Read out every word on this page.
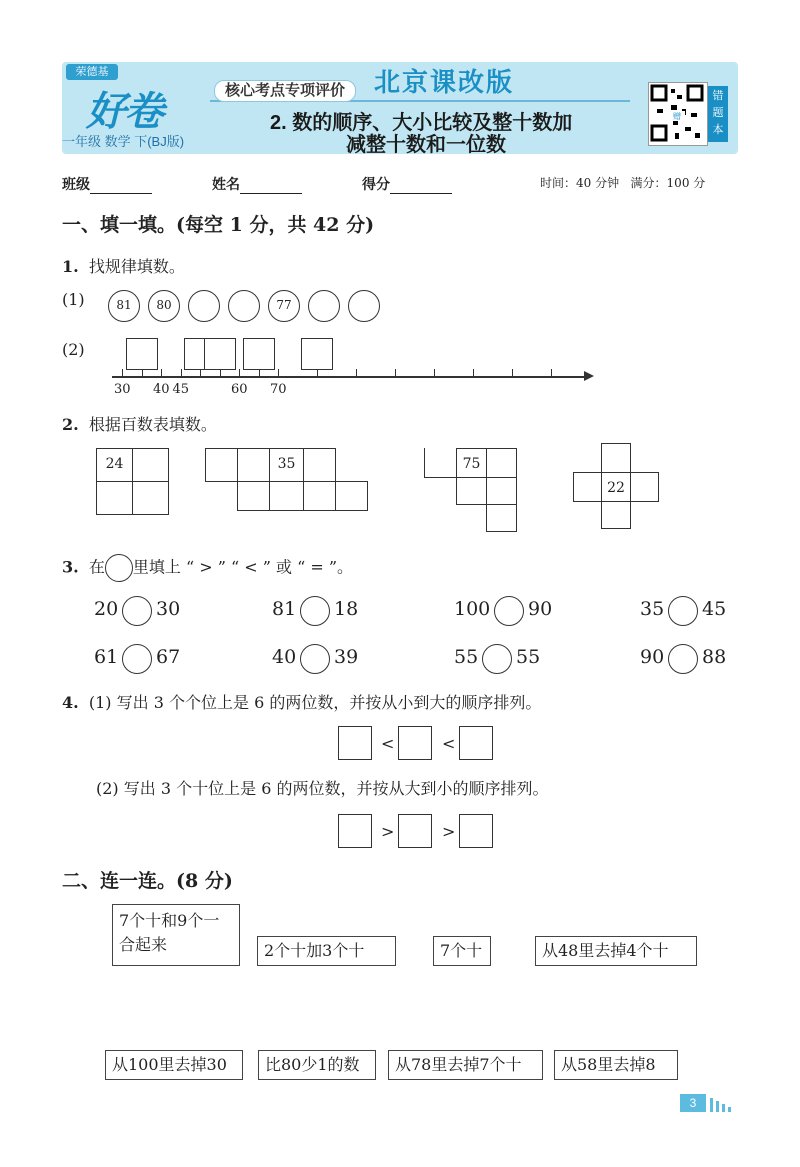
荣德基
好卷
一年级 数学 下(BJ版)
核心考点专项评价	北京课改版
2. 数的顺序、大小比较及整十数加
减整十数和一位数
赠
错题本
班级	姓名	得分	时间：40 分钟 满分：100 分
一、填一填。(每空 1 分，共 42 分)
1. 找规律填数。
(1)	81	80	77
(2)
30 40 45	60 70
2. 根据百数表填数。
24	35	75
22
3. 在 里填上 “ > ” “ < ” 或 “ = ”。
20 30	81 18	100 90	35 45
61 67	40 39	55 55	90 88
4. (1) 写出 3 个个位上是 6 的两位数，并按从小到大的顺序排列。
<	<
(2) 写出 3 个十位上是 6 的两位数，并按从大到小的顺序排列。
>	>
二、连一连。(8 分)
7个十和9个一合起来	2个十加3个十	7个十	从48里去掉4个十
从100里去掉30	比80少1的数	从78里去掉7个十	从58里去掉8
3
